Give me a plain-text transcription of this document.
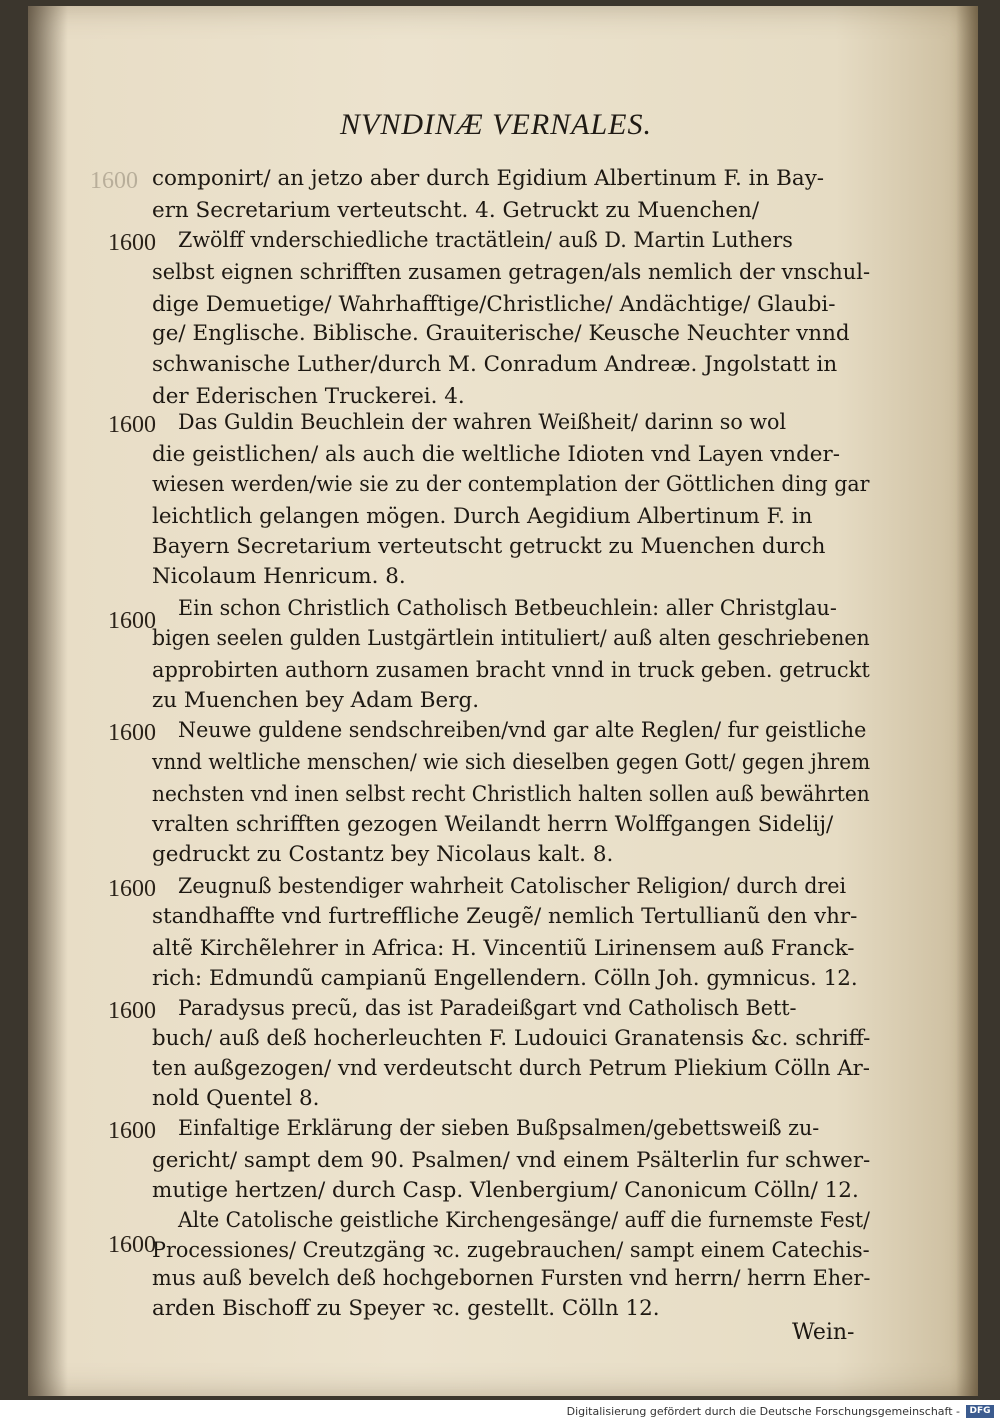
NVNDINÆ VERNALES.
1600 componirt/ an jetzo aber durch Egidium Albertinum F. in Bay-
ern Secretarium verteutscht. 4. Getruckt zu Muenchen/
Zwölff vnderschiedliche tractätlein/ auß D. Martin Luthers
1600
selbst eignen schrifften zusamen getragen/als nemlich der vnschul-
dige Demuetige/ Wahrhafftige/Christliche/ Andächtige/ Glaubi-
ge/ Englische. Biblische. Grauiterische/ Keusche Neuchter vnnd
schwanische Luther/durch M. Conradum Andreæ. Jngolstatt in
der Ederischen Truckerei. 4.
Das Guldin Beuchlein der wahren Weißheit/ darinn so wol
1600
die geistlichen/ als auch die weltliche Idioten vnd Layen vnder-
wiesen werden/wie sie zu der contemplation der Göttlichen ding gar
leichtlich gelangen mögen. Durch Aegidium Albertinum F. in
Bayern Secretarium verteutscht getruckt zu Muenchen durch
Nicolaum Henricum. 8.
Ein schon Christlich Catholisch Betbeuchlein: aller Christglau-
1600
bigen seelen gulden Lustgärtlein intituliert/ auß alten geschriebenen
approbirten authorn zusamen bracht vnnd in truck geben. getruckt
zu Muenchen bey Adam Berg.
Neuwe guldene sendschreiben/vnd gar alte Reglen/ fur geistliche
1600
vnnd weltliche menschen/ wie sich dieselben gegen Gott/ gegen jhrem
nechsten vnd inen selbst recht Christlich halten sollen auß bewährten
vralten schrifften gezogen Weilandt herrn Wolffgangen Sidelij/
gedruckt zu Costantz bey Nicolaus kalt. 8.
Zeugnuß bestendiger wahrheit Catolischer Religion/ durch drei
1600
standhaffte vnd furtreffliche Zeugẽ/ nemlich Tertullianũ den vhr-
altẽ Kirchẽlehrer in Africa: H. Vincentiũ Lirinensem auß Franck-
rich: Edmundũ campianũ Engellendern. Cölln Joh. gymnicus. 12.
Paradysus precũ, das ist Paradeißgart vnd Catholisch Bett-
1600
buch/ auß deß hocherleuchten F. Ludouici Granatensis &c. schriff-
ten außgezogen/ vnd verdeutscht durch Petrum Pliekium Cölln Ar-
nold Quentel 8.
Einfaltige Erklärung der sieben Bußpsalmen/gebettsweiß zu-
1600
gericht/ sampt dem 90. Psalmen/ vnd einem Psälterlin fur schwer-
mutige hertzen/ durch Casp. Vlenbergium/ Canonicum Cölln/ 12.
Alte Catolische geistliche Kirchengesänge/ auff die furnemste Fest/
1600
Processiones/ Creutzgäng ꝛc. zugebrauchen/ sampt einem Catechis-
mus auß bevelch deß hochgebornen Fursten vnd herrn/ herrn Eher-
arden Bischoff zu Speyer ꝛc. gestellt. Cölln 12.
Wein-
Digitalisierung gefördert durch die Deutsche Forschungsgemeinschaft -	DFG
